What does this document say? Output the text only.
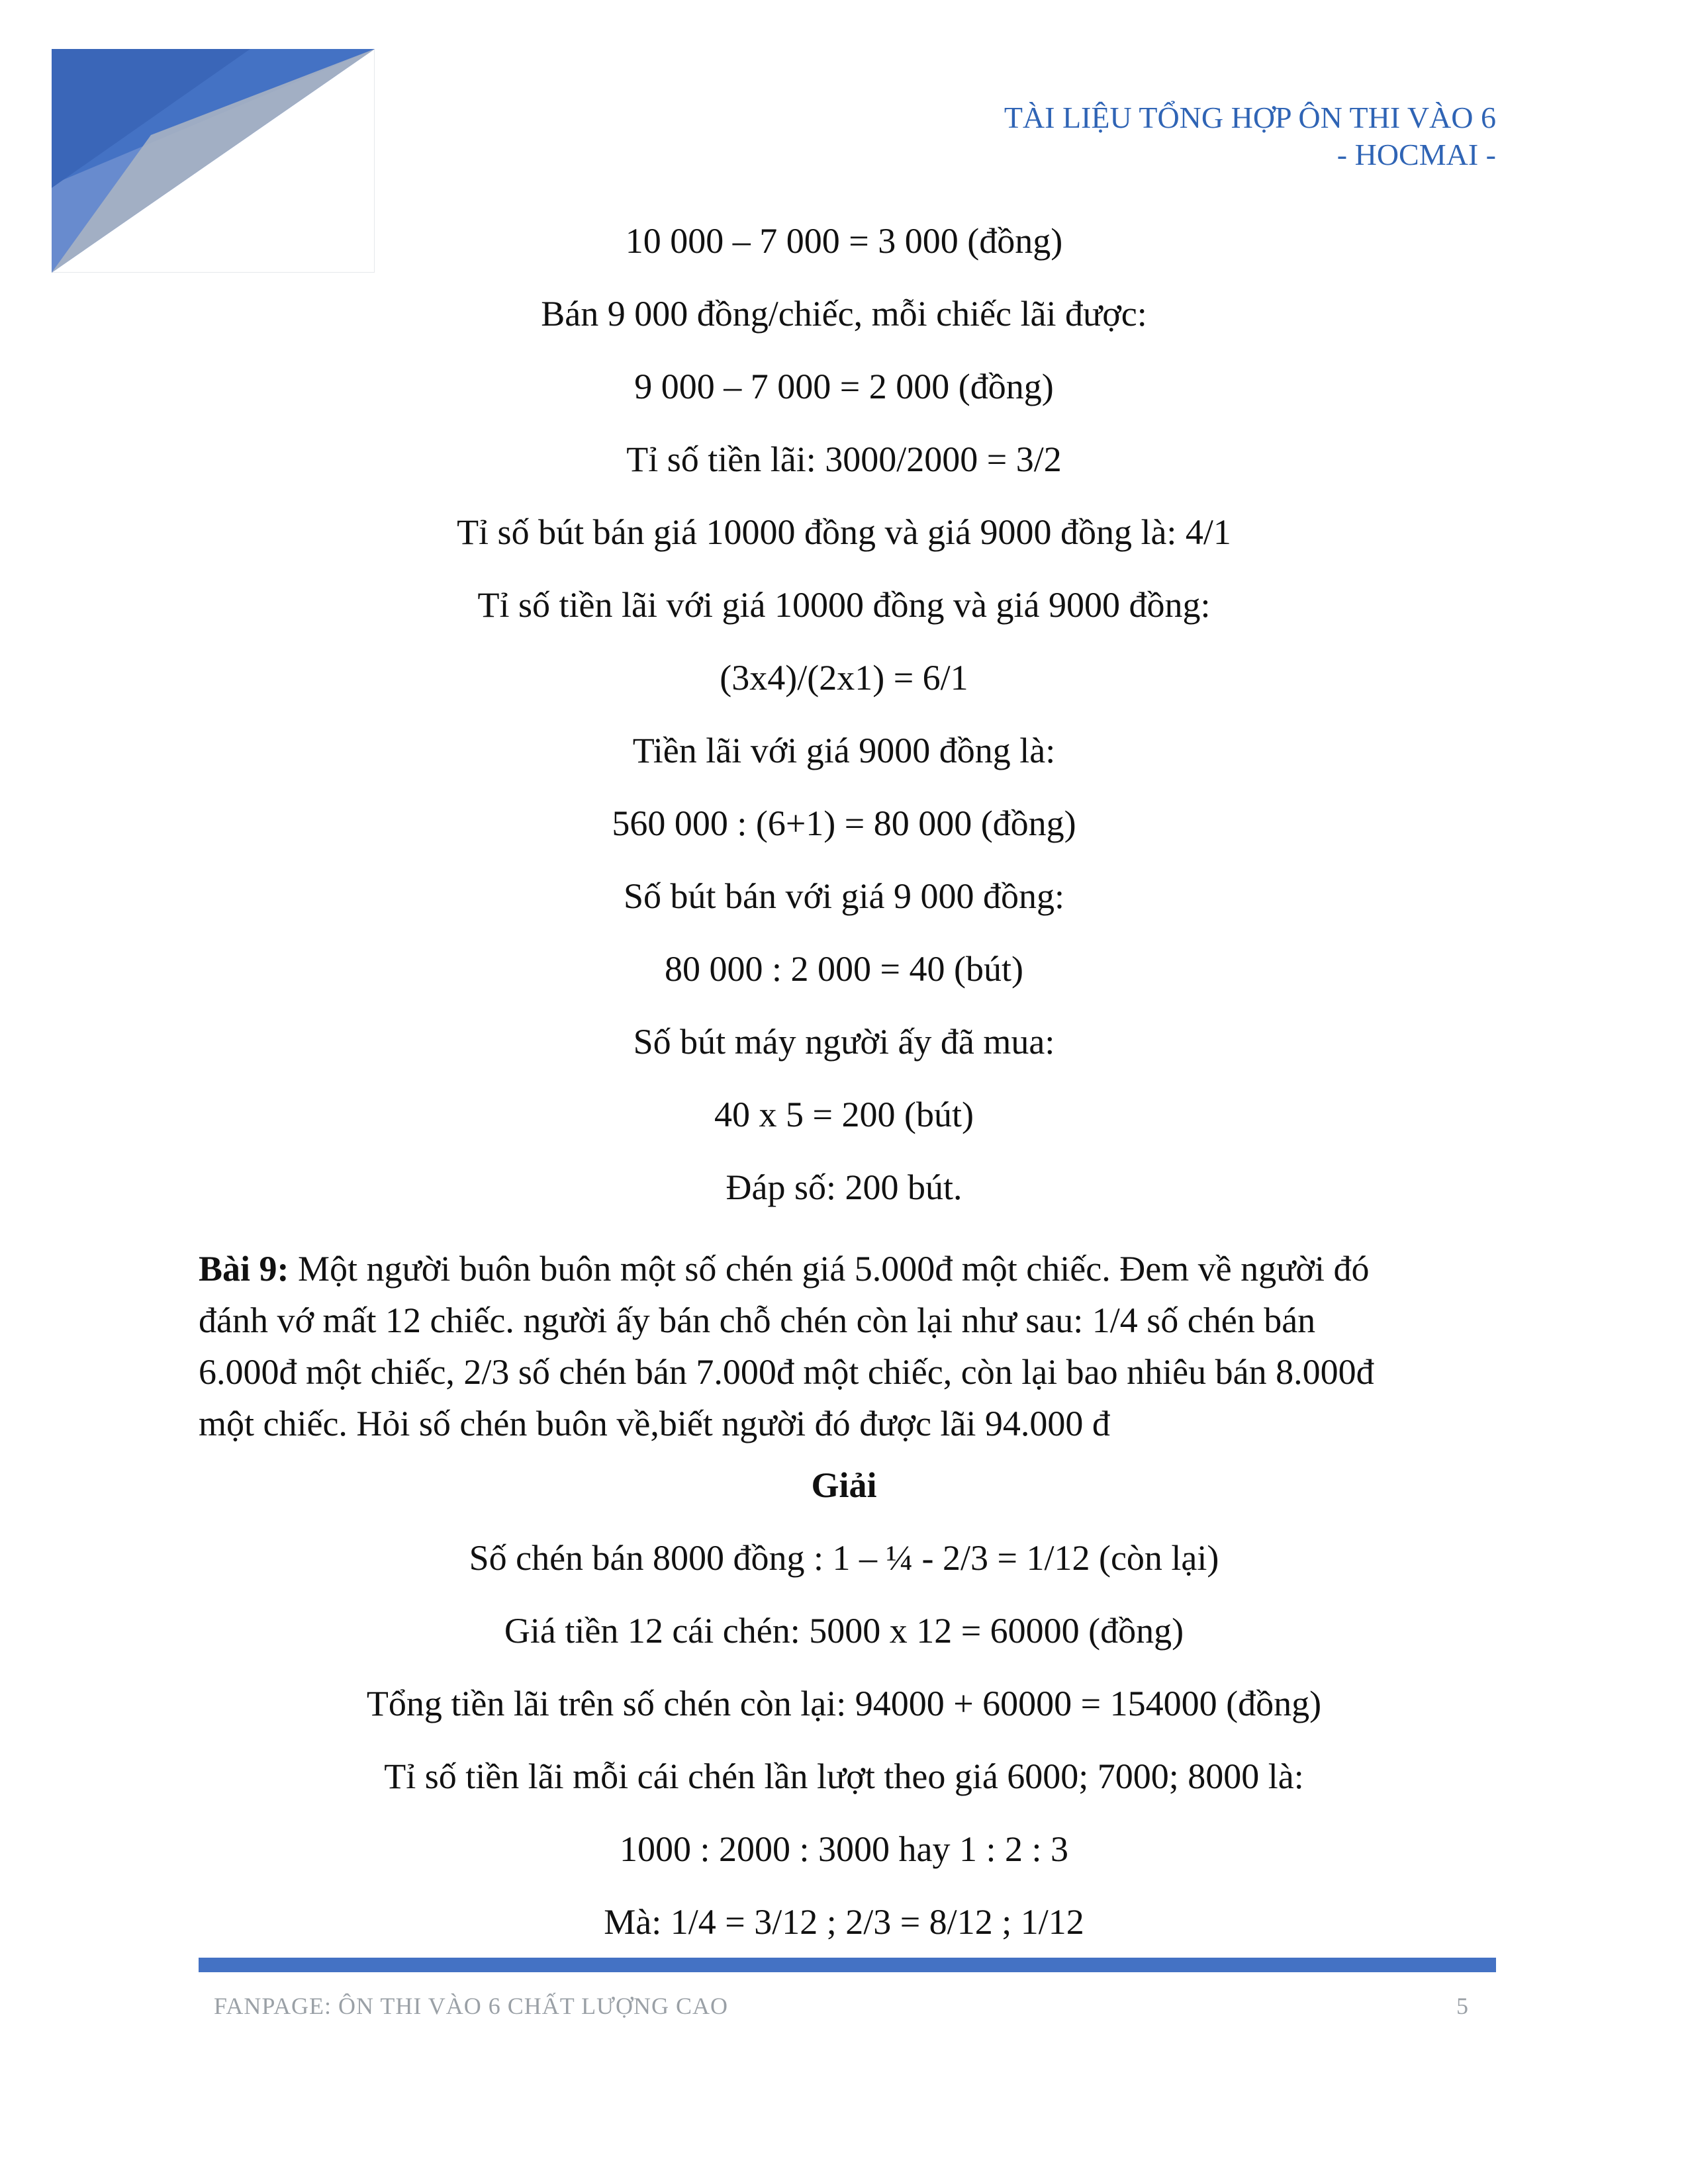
TÀI LIỆU TỔNG HỢP ÔN THI VÀO 6
- HOCMAI -
10 000 – 7 000 = 3 000 (đồng)
Bán 9 000 đồng/chiếc, mỗi chiếc lãi được:
9 000 – 7 000 = 2 000 (đồng)
Tỉ số tiền lãi: 3000/2000 = 3/2
Tỉ số bút bán giá 10000 đồng và giá 9000 đồng là: 4/1
Tỉ số tiền lãi với giá 10000 đồng và giá 9000 đồng:
(3x4)/(2x1) = 6/1
Tiền lãi với giá 9000 đồng là:
560 000 : (6+1) = 80 000 (đồng)
Số bút bán với giá 9 000 đồng:
80 000 : 2 000 = 40 (bút)
Số bút máy người ấy đã mua:
40 x 5 = 200 (bút)
Đáp số: 200 bút.
Bài 9: Một người buôn buôn một số chén giá 5.000đ một chiếc. Đem về người đó
đánh vớ mất 12 chiếc. người ấy bán chỗ chén còn lại như sau: 1/4 số chén bán
6.000đ một chiếc, 2/3 số chén bán 7.000đ một chiếc, còn lại bao nhiêu bán 8.000đ
một chiếc. Hỏi số chén buôn về,biết người đó được lãi 94.000 đ
Giải
Số chén bán 8000 đồng : 1 – ¼ - 2/3 = 1/12 (còn lại)
Giá tiền 12 cái chén: 5000 x 12 = 60000 (đồng)
Tổng tiền lãi trên số chén còn lại: 94000 + 60000 = 154000 (đồng)
Tỉ số tiền lãi mỗi cái chén lần lượt theo giá 6000; 7000; 8000 là:
1000 : 2000 : 3000 hay 1 : 2 : 3
Mà: 1/4 = 3/12 ; 2/3 = 8/12 ; 1/12
FANPAGE: ÔN THI VÀO 6 CHẤT LƯỢNG CAO	5
